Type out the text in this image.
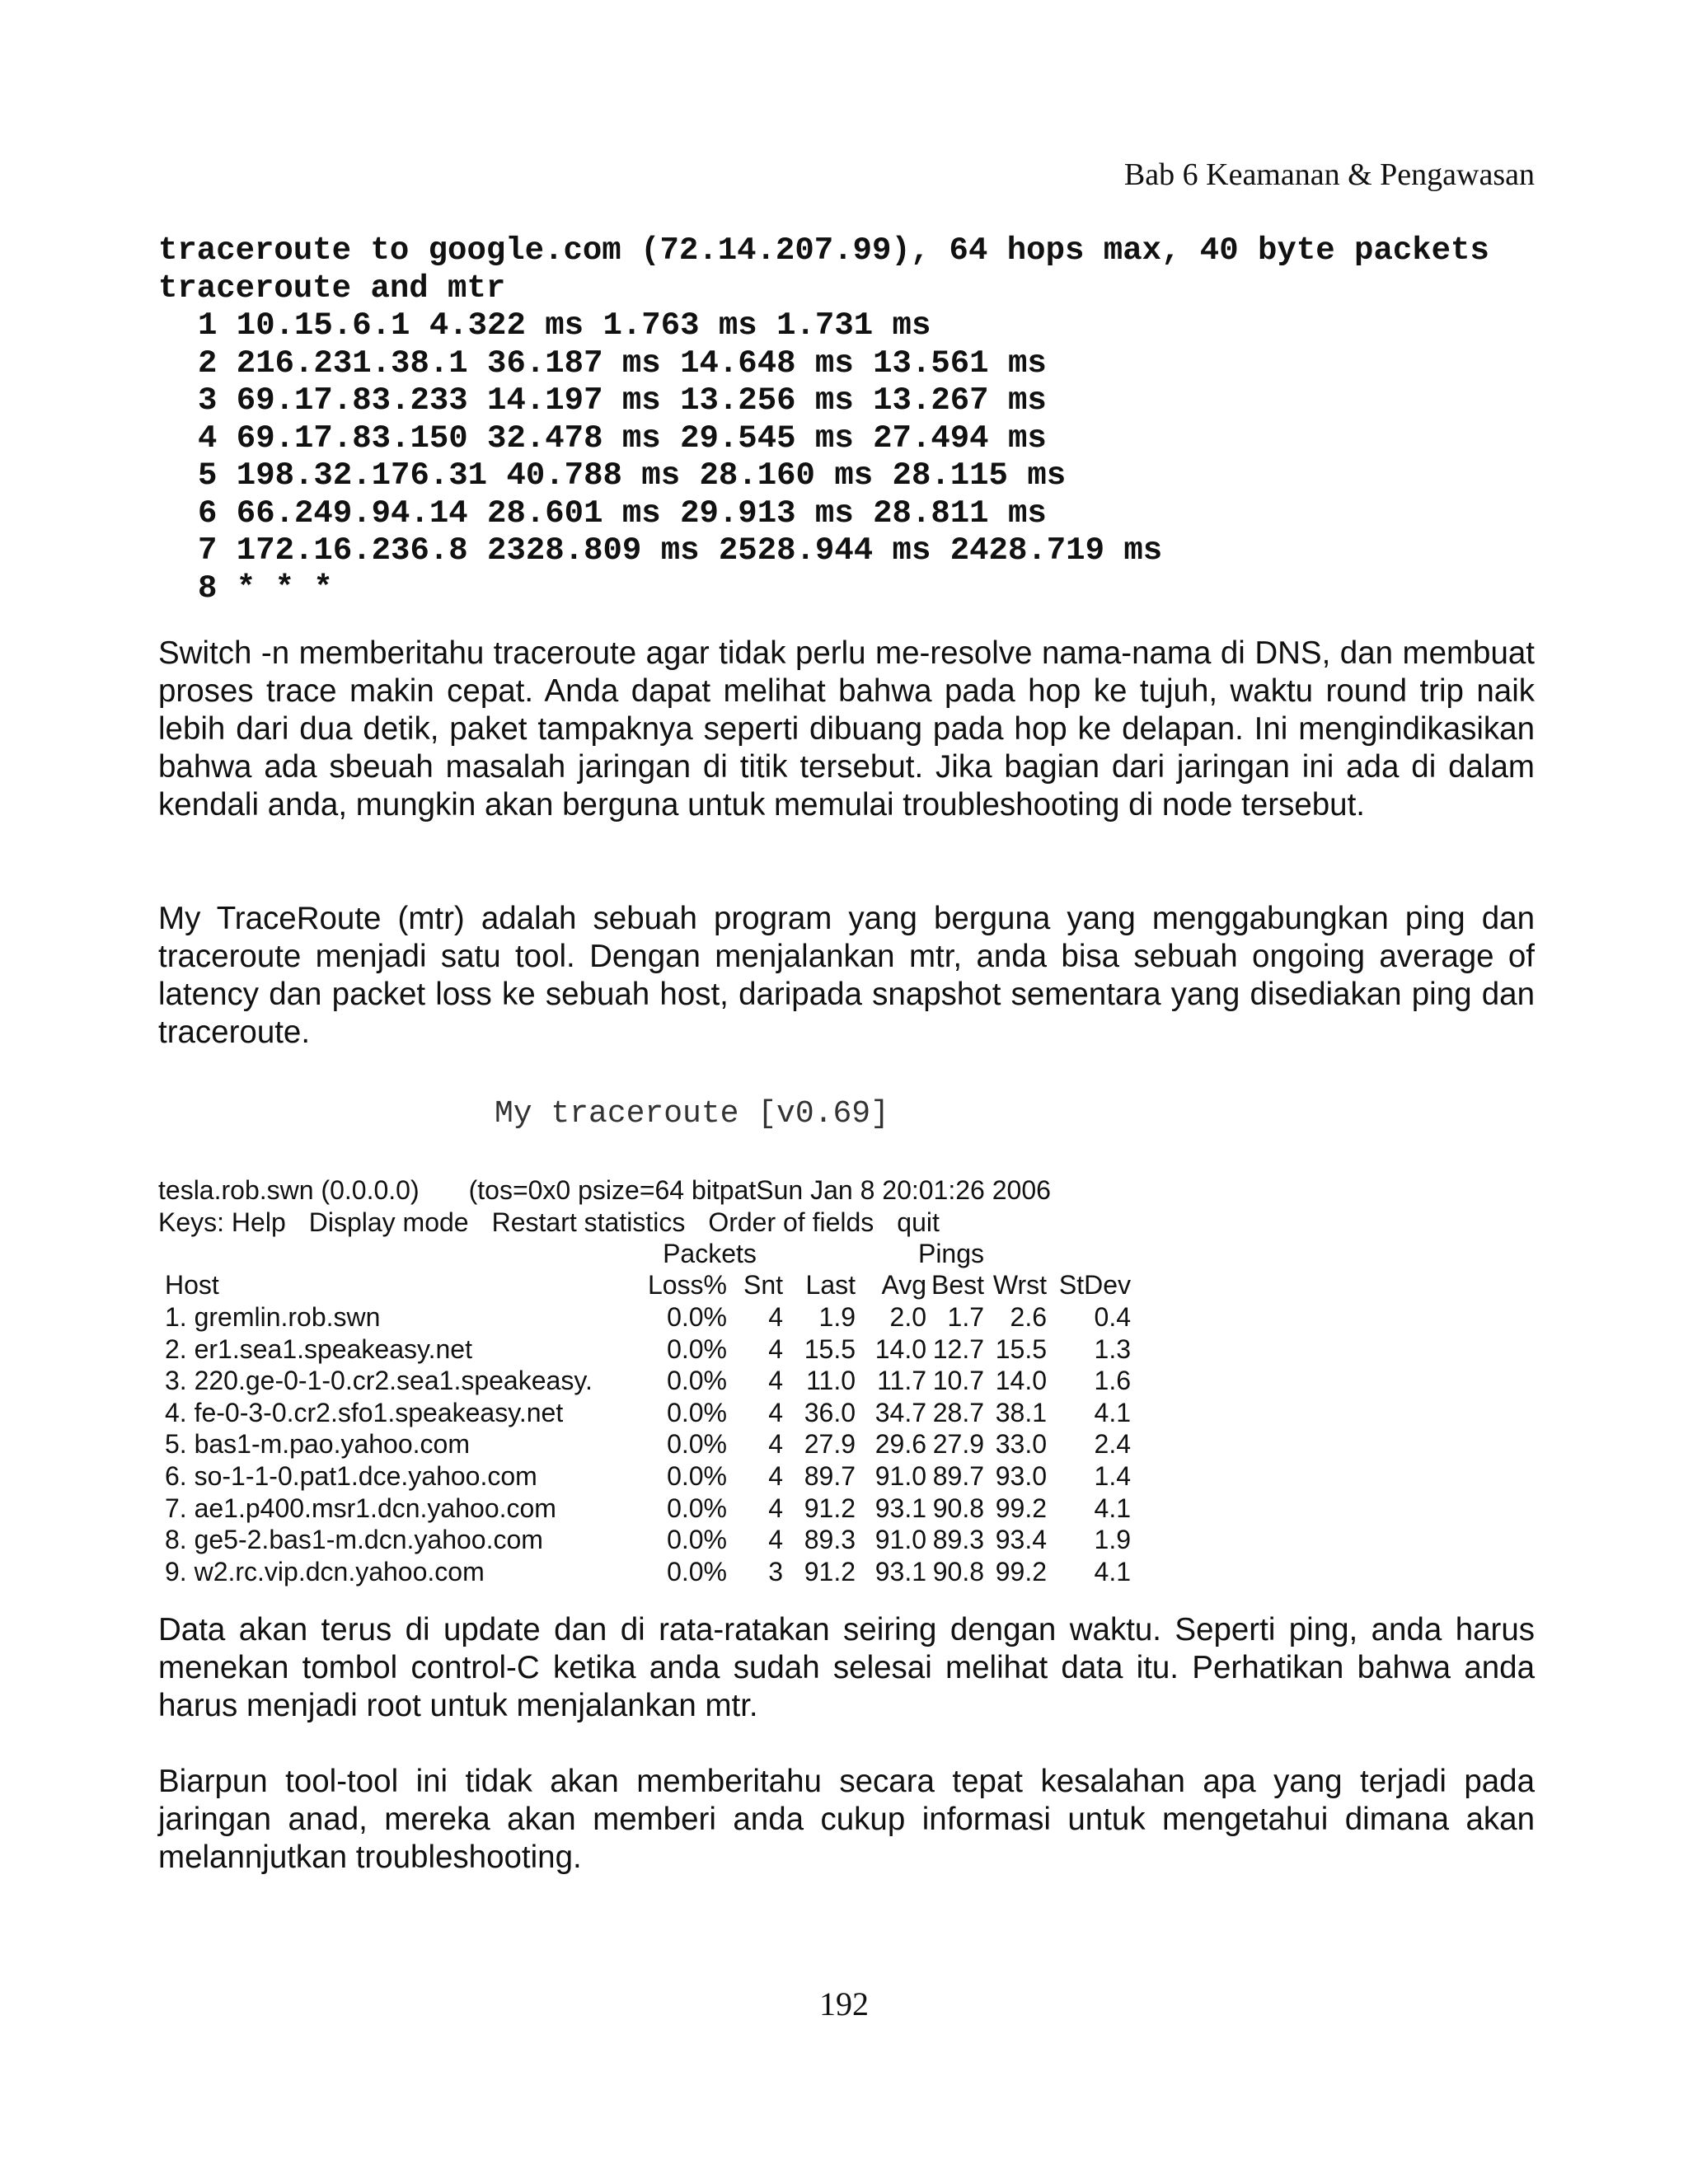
Bab 6 Keamanan & Pengawasan
traceroute to google.com (72.14.207.99), 64 hops max, 40 byte packets
traceroute and mtr
1 10.15.6.1 4.322 ms 1.763 ms 1.731 ms
2 216.231.38.1 36.187 ms 14.648 ms 13.561 ms
3 69.17.83.233 14.197 ms 13.256 ms 13.267 ms
4 69.17.83.150 32.478 ms 29.545 ms 27.494 ms
5 198.32.176.31 40.788 ms 28.160 ms 28.115 ms
6 66.249.94.14 28.601 ms 29.913 ms 28.811 ms
7 172.16.236.8 2328.809 ms 2528.944 ms 2428.719 ms
8 * * *

Switch -n memberitahu traceroute agar tidak perlu me-resolve nama-nama di DNS, dan membuat proses trace makin cepat. Anda dapat melihat bahwa pada hop ke tujuh, waktu round trip naik lebih dari dua detik, paket tampaknya seperti dibuang pada hop ke delapan. Ini mengindikasikan bahwa ada sbeuah masalah jaringan di titik tersebut. Jika bagian dari jaringan ini ada di dalam kendali anda, mungkin akan berguna untuk memulai troubleshooting di node tersebut.

My TraceRoute (mtr) adalah sebuah program yang berguna yang menggabungkan ping dan traceroute menjadi satu tool. Dengan menjalankan mtr, anda bisa sebuah ongoing average of latency dan packet loss ke sebuah host, daripada snapshot sementara yang disediakan ping dan traceroute.

My traceroute [v0.69]
tesla.rob.swn (0.0.0.0) (tos=0x0 psize=64 bitpatSun Jan 8 20:01:26 2006
Keys: Help Display mode Restart statistics Order of fields quit
	Packets			Pings			
Host	Loss%	Snt	Last	Avg	Best	Wrst	StDev
1. gremlin.rob.swn	0.0%	4	1.9	2.0	1.7	2.6	0.4
2. er1.sea1.speakeasy.net	0.0%	4	15.5	14.0	12.7	15.5	1.3
3. 220.ge-0-1-0.cr2.sea1.speakeasy.	0.0%	4	11.0	11.7	10.7	14.0	1.6
4. fe-0-3-0.cr2.sfo1.speakeasy.net	0.0%	4	36.0	34.7	28.7	38.1	4.1
5. bas1-m.pao.yahoo.com	0.0%	4	27.9	29.6	27.9	33.0	2.4
6. so-1-1-0.pat1.dce.yahoo.com	0.0%	4	89.7	91.0	89.7	93.0	1.4
7. ae1.p400.msr1.dcn.yahoo.com	0.0%	4	91.2	93.1	90.8	99.2	4.1
8. ge5-2.bas1-m.dcn.yahoo.com	0.0%	4	89.3	91.0	89.3	93.4	1.9
9. w2.rc.vip.dcn.yahoo.com	0.0%	3	91.2	93.1	90.8	99.2	4.1

Data akan terus di update dan di rata-ratakan seiring dengan waktu. Seperti ping, anda harus menekan tombol control-C ketika anda sudah selesai melihat data itu. Perhatikan bahwa anda harus menjadi root untuk menjalankan mtr.

Biarpun tool-tool ini tidak akan memberitahu secara tepat kesalahan apa yang terjadi pada jaringan anad, mereka akan memberi anda cukup informasi untuk mengetahui dimana akan melannjutkan troubleshooting.

192
